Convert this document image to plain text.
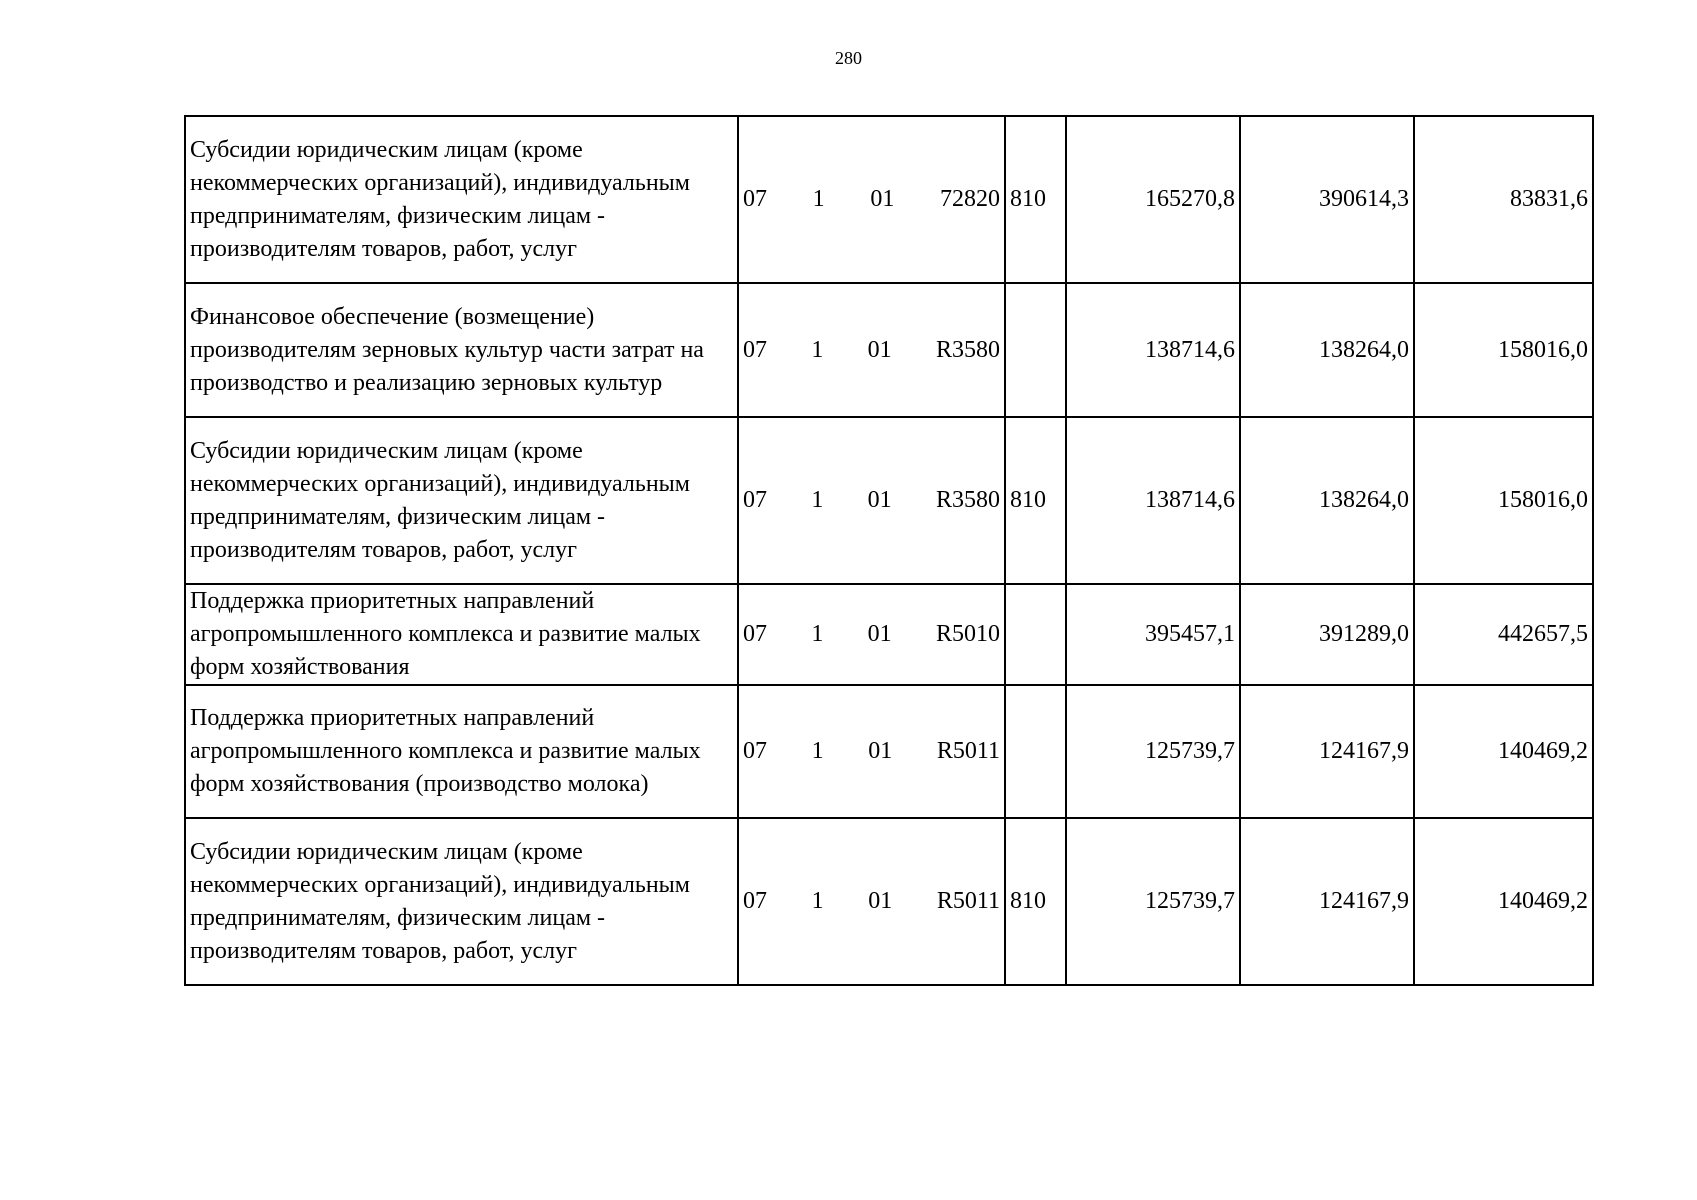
280
Субсидии юридическим лицам (кроме некоммерческих организаций), индивидуальным предпринимателям, физическим лицам - производителям товаров, работ, услуг	07 1 01 72820	810	165270,8	390614,3	83831,6
Финансовое обеспечение (возмещение) производителям зерновых культур части затрат на производство и реализацию зерновых культур	07 1 01 R3580		138714,6	138264,0	158016,0
Субсидии юридическим лицам (кроме некоммерческих организаций), индивидуальным предпринимателям, физическим лицам - производителям товаров, работ, услуг	07 1 01 R3580	810	138714,6	138264,0	158016,0
Поддержка приоритетных направлений агропромышленного комплекса и развитие малых форм хозяйствования	07 1 01 R5010		395457,1	391289,0	442657,5
Поддержка приоритетных направлений агропромышленного комплекса и развитие малых форм хозяйствования (производство молока)	07 1 01 R5011		125739,7	124167,9	140469,2
Субсидии юридическим лицам (кроме некоммерческих организаций), индивидуальным предпринимателям, физическим лицам - производителям товаров, работ, услуг	07 1 01 R5011	810	125739,7	124167,9	140469,2
